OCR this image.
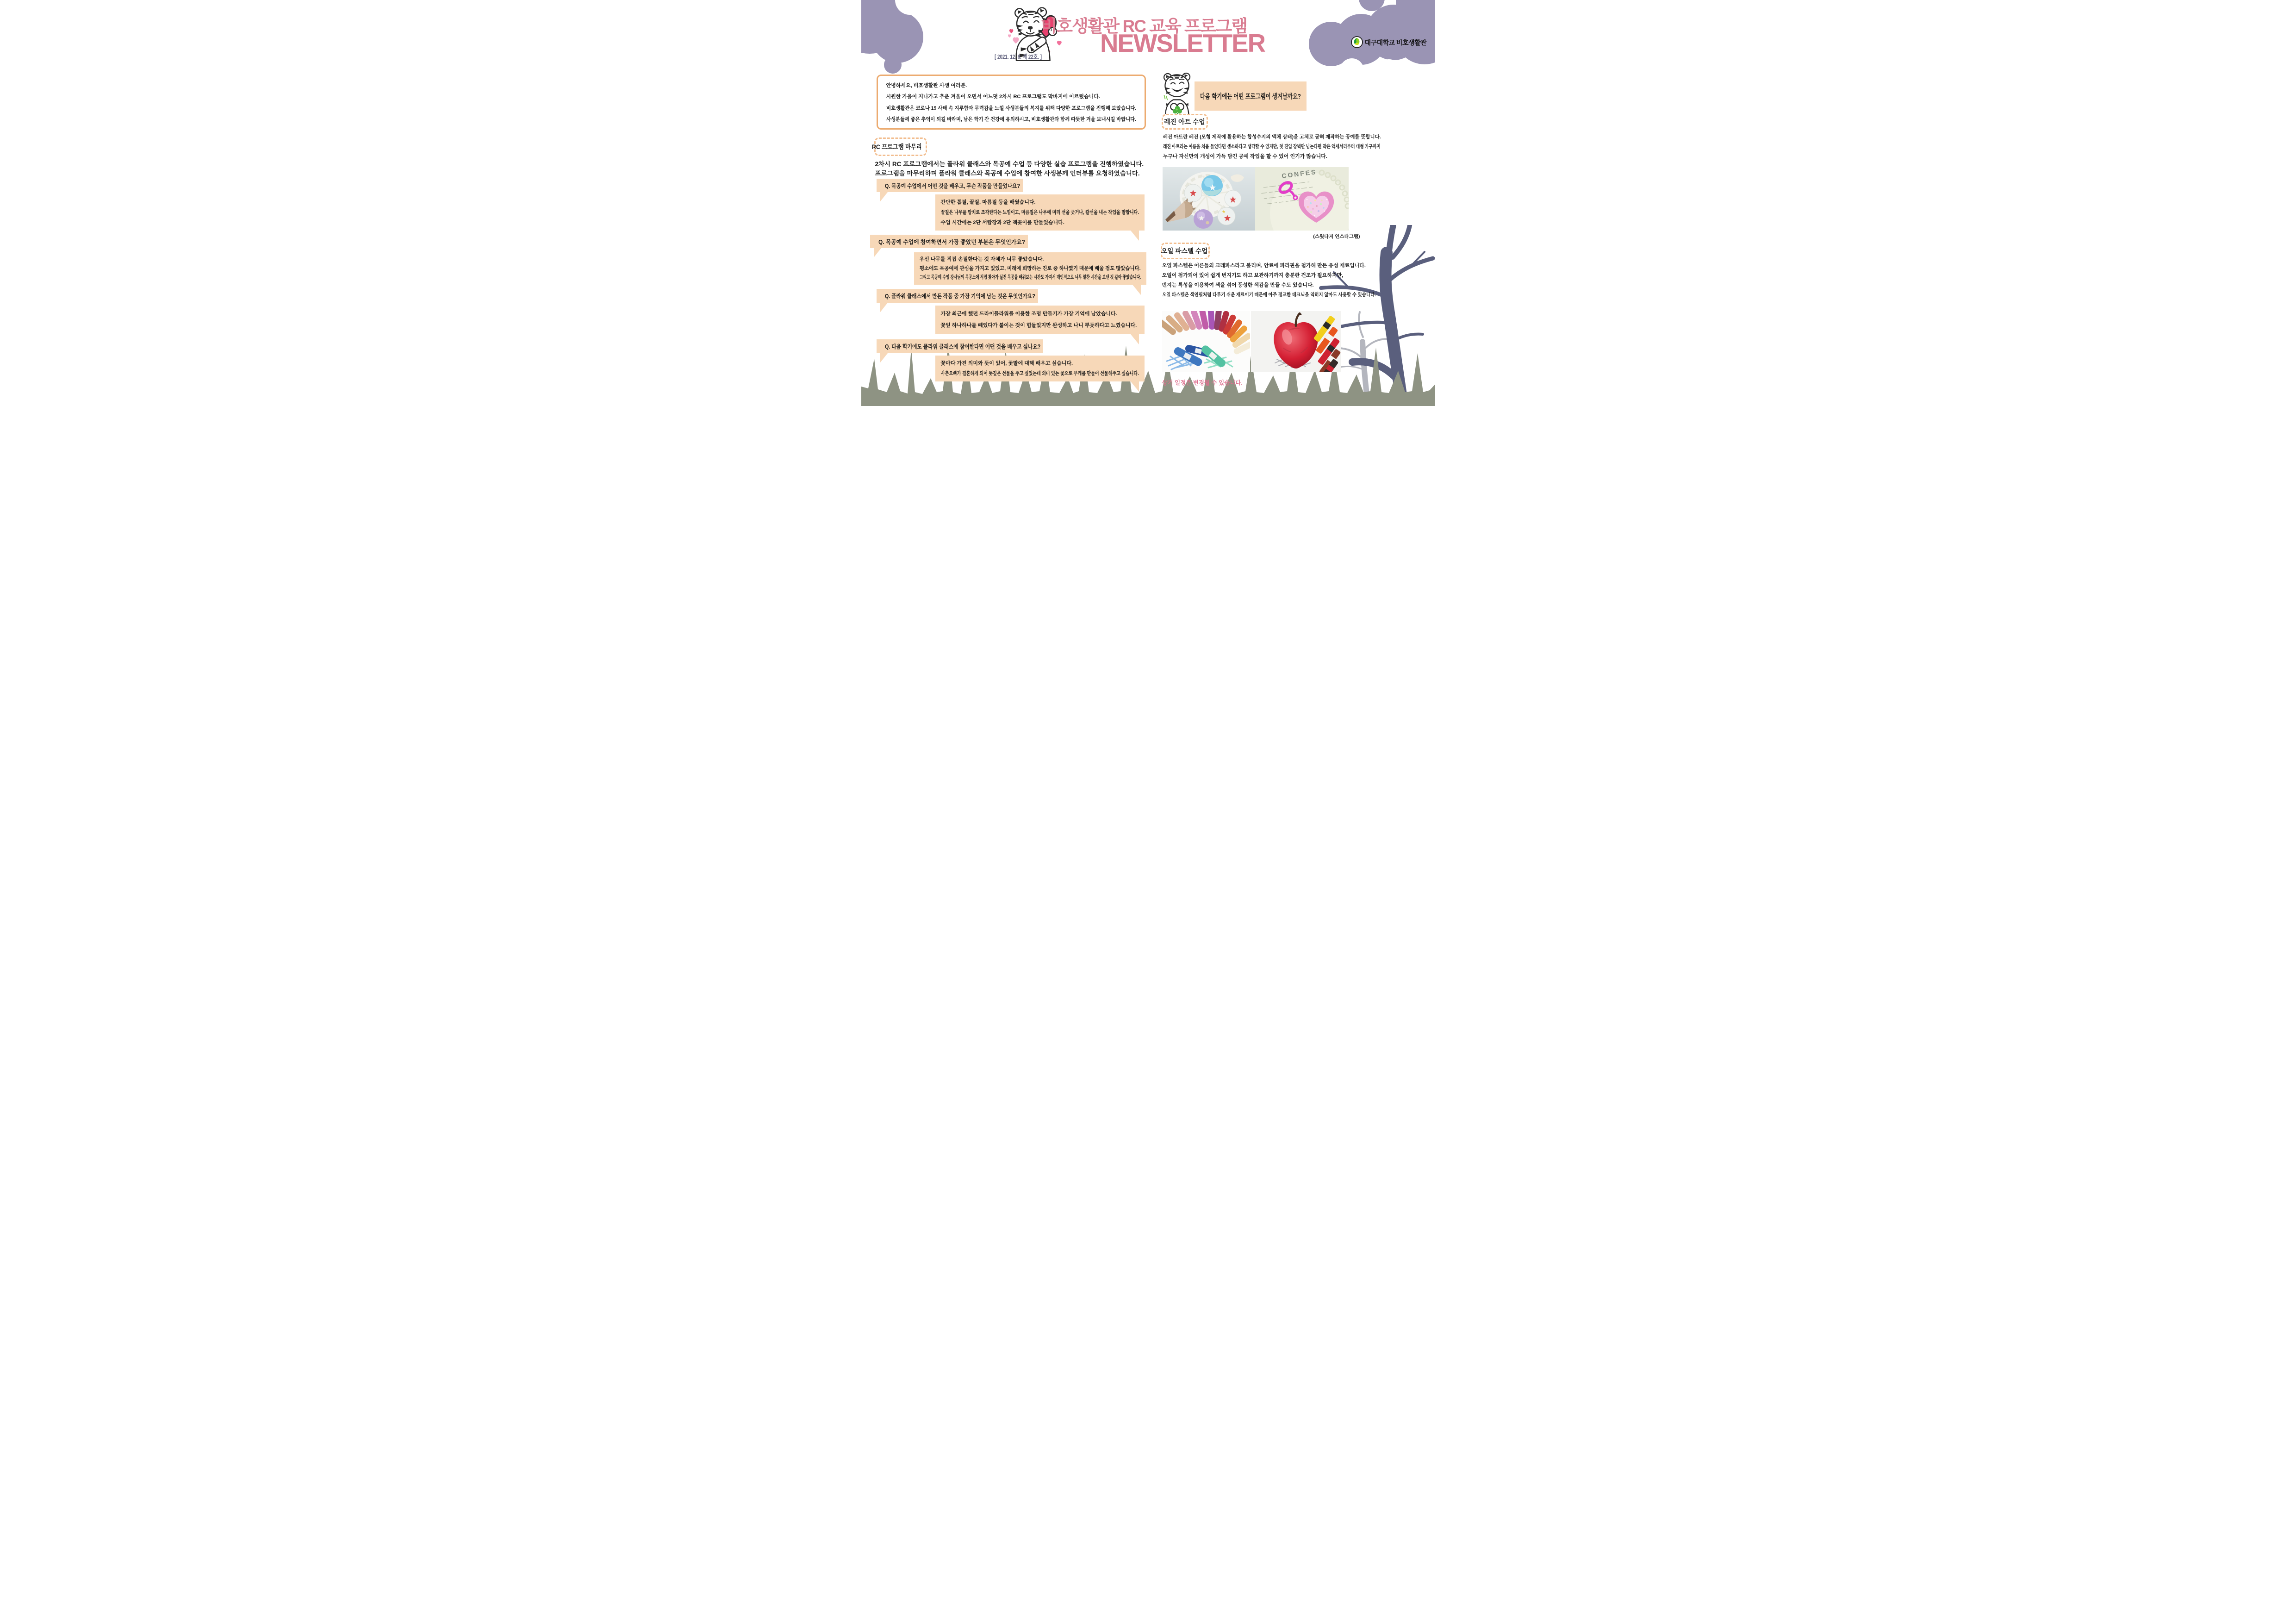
비호생활관 RC 교육 프로그램
NEWSLETTER
[ 2021. 12. 6. 제 22호. ]
대구대학교 비호생활관
안녕하세요, 비호생활관 사생 여러분.
시원한 가을이 지나가고 추운 겨울이 오면서 어느덧 2차시 RC 프로그램도 막바지에 이르렀습니다.
비호생활관은 코로나 19 사태 속 지루함과 무력감을 느낄 사생분들의 복지를 위해 다양한 프로그램을 진행해 보았습니다.
사생분들께 좋은 추억이 되길 바라며, 남은 학기 간 건강에 유의하시고, 비호생활관과 함께 따뜻한 겨울 보내시길 바랍니다.
RC 프로그램 마무리
2차시 RC 프로그램에서는 플라워 클래스와 목공예 수업 등 다양한 실습 프로그램을 진행하였습니다.
프로그램을 마무리하며 플라워 클래스와 목공예 수업에 참여한 사생분께 인터뷰를 요청하였습니다.
Q. 목공예 수업에서 어떤 것을 배우고, 무슨 작품을 만들었나요?
간단한 톱질, 끌질, 마름질 등을 배웠습니다.
끌질은 나무를 망치로 조각한다는 느낌이고, 마름질은 나무에 미리 선을 긋거나, 칼선을 내는 작업을 말합니다.
수업 시간에는 2단 서랍장과 2단 책꽂이를 만들었습니다.
Q. 목공예 수업에 참여하면서 가장 좋았던 부분은 무엇인가요?
우선 나무를 직접 손질한다는 것 자체가 너무 좋았습니다.
평소에도 목공예에 관심을 가지고 있었고, 미래에 희망하는 진로 중 하나였기 때문에 배울 점도 많았습니다.
그리고 목공예 수업 강사님의 목공소에 직접 찾아가 실전 목공을 배워보는 시간도 가져서 개인적으로 너무 알찬 시간을 보낸 것 같아 좋았습니다.
Q. 플라워 클래스에서 만든 작품 중 가장 기억에 남는 것은 무엇인가요?
가장 최근에 했던 드라이플라워를 이용한 조명 만들기가 가장 기억에 남았습니다.
꽃잎 하나하나를 떼었다가 붙이는 것이 힘들었지만 완성하고 나니 뿌듯하다고 느꼈습니다.
Q. 다음 학기에도 플라워 클래스에 참여한다면 어떤 것을 배우고 싶나요?
꽃마다 가진 의미와 뜻이 있어, 꽃말에 대해 배우고 싶습니다.
사촌오빠가 결혼하게 되어 뜻깊은 선물을 주고 싶었는데 의미 있는 꽃으로 부케를 만들어 선물해주고 싶습니다.
다음 학기에는 어떤 프로그램이 생겨날까요?
레진 아트 수업
레진 아트란 레진 (모형 제작에 활용하는 합성수지의 액체 상태)을 고체로 굳혀 제작하는 공예를 뜻합니다.
레진 아트라는 이름을 처음 들었다면 생소하다고 생각할 수 있지만, 첫 진입 장벽만 넘는다면 작은 액세서리부터 대형 가구까지
누구나 자신만의 개성이 가득 담긴 공예 작업을 할 수 있어 인기가 많습니다.
CONFES
(스윗다지 인스타그램)
오일 파스텔 수업
오일 파스텔은 어른들의 크레파스라고 불리며, 안료에 파라핀을 첨가해 만든 유성 재료입니다.
오일이 첨가되어 있어 쉽게 번지기도 하고 보관하기까지 충분한 건조가 필요하지만,
번지는 특성을 이용하여 색을 섞어 풍성한 색감을 만들 수도 있습니다.
오일 파스텔은 색연필처럼 다루기 쉬운 재료이기 때문에 아주 정교한 테크닉을 익히지 않아도 사용할 수 있습니다.
상기 일정은 변경될 수 있습니다.
